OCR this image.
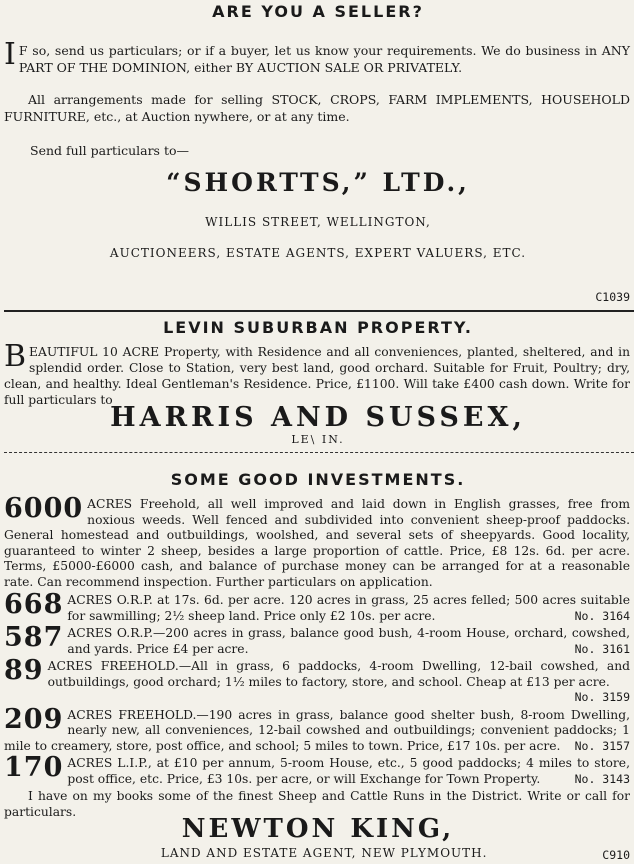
ARE YOU A SELLER?
I F so, send us particulars; or if a buyer, let us know your requirements. We do business in ANY PART OF THE DOMINION, either BY AUCTION SALE OR PRIVATELY.
All arrangements made for selling STOCK, CROPS, FARM IMPLEMENTS, HOUSEHOLD FURNITURE, etc., at Auction nywhere, or at any time.
Send full particulars to—
“SHORTTS,” LTD.,
WILLIS STREET, WELLINGTON,
AUCTIONEERS, ESTATE AGENTS, EXPERT VALUERS, ETC.
C1039
LEVIN SUBURBAN PROPERTY.
B EAUTIFUL 10 ACRE Property, with Residence and all conveniences, planted, sheltered, and in splendid order. Close to Station, very best land, good orchard. Suitable for Fruit, Poultry; dry, clean, and healthy. Ideal Gentleman's Residence. Price, £1100. Will take £400 cash down. Write for full particulars to
HARRIS AND SUSSEX,
LE\ IN.
SOME GOOD INVESTMENTS.
6000 ACRES Freehold, all well improved and laid down in English grasses, free from noxious weeds. Well fenced and subdivided into convenient sheep-proof paddocks. General homestead and outbuildings, woolshed, and several sets of sheepyards. Good locality, guaranteed to winter 2 sheep, besides a large proportion of cattle. Price, £8 12s. 6d. per acre. Terms, £5000-£6000 cash, and balance of purchase money can be arranged for at a reasonable rate. Can recommend inspection. Further particulars on application.
668 ACRES O.R.P. at 17s. 6d. per acre. 120 acres in grass, 25 acres felled; 500 acres suitable for sawmilling; 2½ sheep land. Price only £2 10s. per acre.	No. 3164
587 ACRES O.R.P.—200 acres in grass, balance good bush, 4-room House, orchard, cowshed, and yards. Price £4 per acre.	No. 3161
89 ACRES FREEHOLD.—All in grass, 6 paddocks, 4-room Dwelling, 12-bail cowshed, and outbuildings, good orchard; 1½ miles to factory, store, and school. Cheap at £13 per acre.
No. 3159
209 ACRES FREEHOLD.—190 acres in grass, balance good shelter bush, 8-room Dwelling, nearly new, all conveniences, 12-bail cowshed and outbuildings; convenient paddocks; 1 mile to creamery, store, post office, and school; 5 miles to town. Price, £17 10s. per acre. No. 3157
170 ACRES L.I.P., at £10 per annum, 5-room House, etc., 5 good paddocks; 4 miles to store, post office, etc. Price, £3 10s. per acre, or will Exchange for Town Property.	No. 3143
I have on my books some of the finest Sheep and Cattle Runs in the District. Write or call for particulars.
NEWTON KING,
C910
LAND AND ESTATE AGENT, NEW PLYMOUTH.
